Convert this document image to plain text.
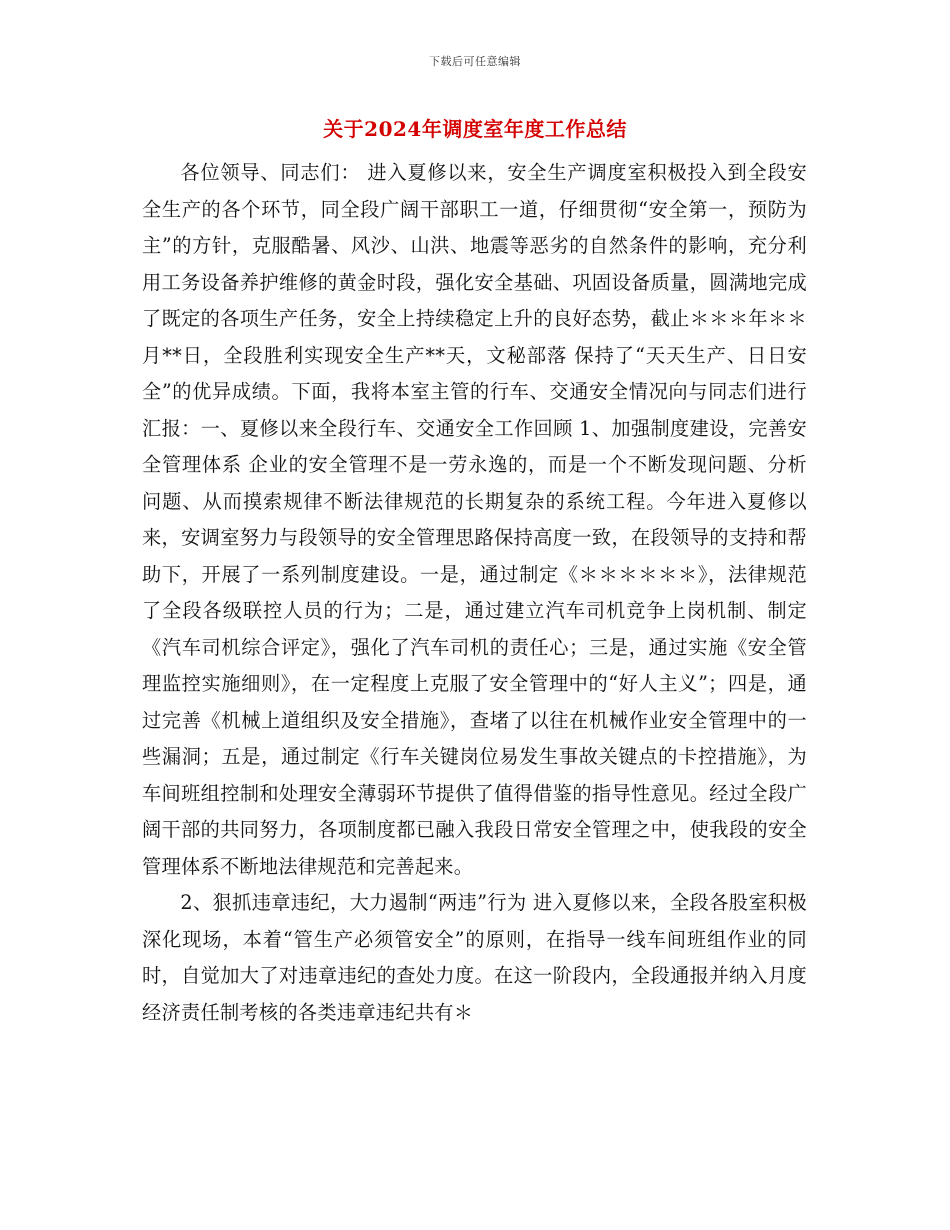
下载后可任意编辑
关于2024年调度室年度工作总结

各位领导、同志们： 进入夏修以来，安全生产调度室积极投入到全段安全生产的各个环节，同全段广阔干部职工一道，仔细贯彻“安全第一，预防为主”的方针，克服酷暑、风沙、山洪、地震等恶劣的自然条件的影响，充分利用工务设备养护维修的黄金时段，强化安全基础、巩固设备质量，圆满地完成了既定的各项生产任务，安全上持续稳定上升的良好态势，截止＊＊＊年＊＊月**日，全段胜利实现安全生产**天，文秘部落 保持了“天天生产、日日安全”的优异成绩。下面，我将本室主管的行车、交通安全情况向与同志们进行汇报：一、夏修以来全段行车、交通安全工作回顾 1、加强制度建设，完善安全管理体系 企业的安全管理不是一劳永逸的，而是一个不断发现问题、分析问题、从而摸索规律不断法律规范的长期复杂的系统工程。今年进入夏修以来，安调室努力与段领导的安全管理思路保持高度一致，在段领导的支持和帮助下，开展了一系列制度建设。一是，通过制定《＊＊＊＊＊＊》，法律规范了全段各级联控人员的行为；二是，通过建立汽车司机竞争上岗机制、制定《汽车司机综合评定》，强化了汽车司机的责任心；三是，通过实施《安全管理监控实施细则》，在一定程度上克服了安全管理中的“好人主义”；四是，通过完善《机械上道组织及安全措施》，查堵了以往在机械作业安全管理中的一些漏洞；五是，通过制定《行车关键岗位易发生事故关键点的卡控措施》，为车间班组控制和处理安全薄弱环节提供了值得借鉴的指导性意见。经过全段广阔干部的共同努力，各项制度都已融入我段日常安全管理之中，使我段的安全管理体系不断地法律规范和完善起来。

2、狠抓违章违纪，大力遏制“两违”行为 进入夏修以来，全段各股室积极深化现场，本着“管生产必须管安全”的原则，在指导一线车间班组作业的同时，自觉加大了对违章违纪的查处力度。在这一阶段内，全段通报并纳入月度经济责任制考核的各类违章违纪共有＊
